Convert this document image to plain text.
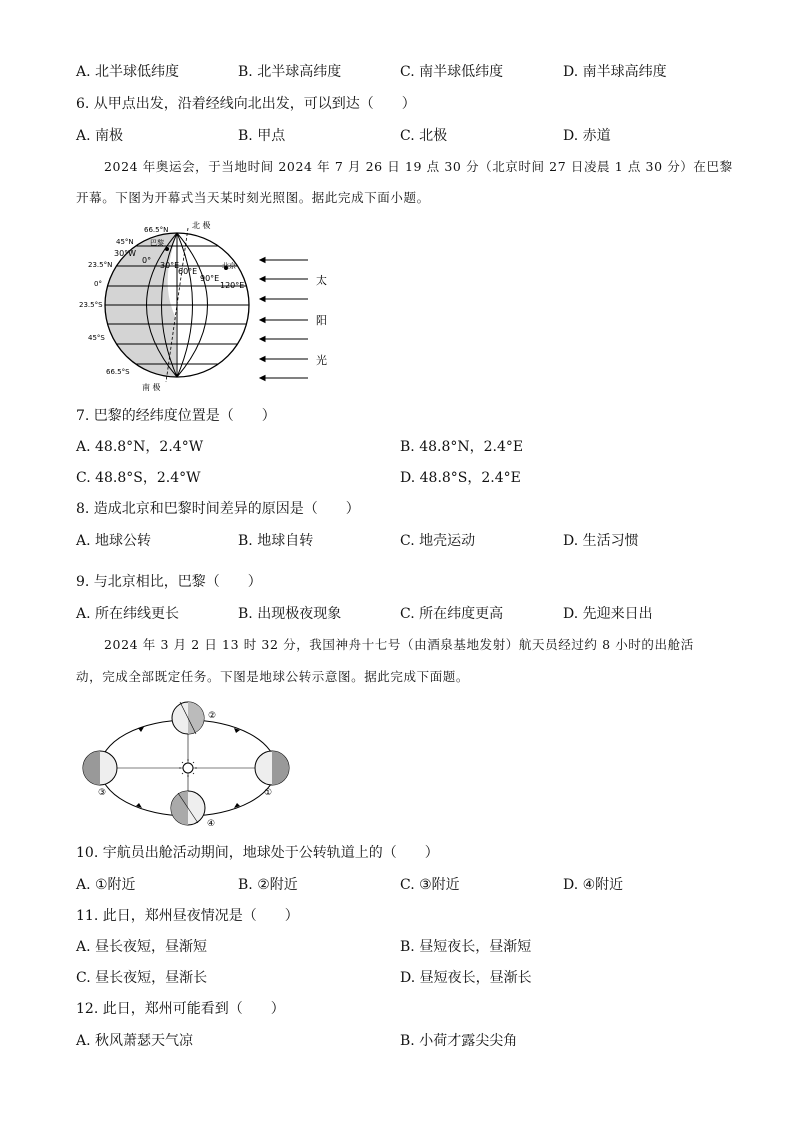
A. 北半球低纬度	B. 北半球高纬度	C. 南半球低纬度	D. 南半球高纬度
6. 从甲点出发，沿着经线向北出发，可以到达（　　）
A. 南极	B. 甲点	C. 北极	D. 赤道
2024 年奥运会，于当地时间 2024 年 7 月 26 日 19 点 30 分（北京时间 27 日凌晨 1 点 30 分）在巴黎
开幕。下图为开幕式当天某时刻光照图。据此完成下面小题。
北 极
南 极
66.5°N
45°N
23.5°N
0°
23.5°S
45°S
66.5°S
30°W
0°
30°E
60°E
90°E
120°E
巴黎
北京
太
阳
光
7. 巴黎的经纬度位置是（　　）
A. 48.8°N，2.4°W	B. 48.8°N，2.4°E
C. 48.8°S，2.4°W	D. 48.8°S，2.4°E
8. 造成北京和巴黎时间差异的原因是（　　）
A. 地球公转	B. 地球自转	C. 地壳运动	D. 生活习惯
9. 与北京相比，巴黎（　　）
A. 所在纬线更长	B. 出现极夜现象	C. 所在纬度更高	D. 先迎来日出
2024 年 3 月 2 日 13 时 32 分，我国神舟十七号（由酒泉基地发射）航天员经过约 8 小时的出舱活
动，完成全部既定任务。下图是地球公转示意图。据此完成下面题。
①
②
③
④
10. 宇航员出舱活动期间，地球处于公转轨道上的（　　）
A. ①附近	B. ②附近	C. ③附近	D. ④附近
11. 此日，郑州昼夜情况是（　　）
A. 昼长夜短，昼渐短	B. 昼短夜长，昼渐短
C. 昼长夜短，昼渐长	D. 昼短夜长，昼渐长
12. 此日，郑州可能看到（　　）
A. 秋风萧瑟天气凉	B. 小荷才露尖尖角
